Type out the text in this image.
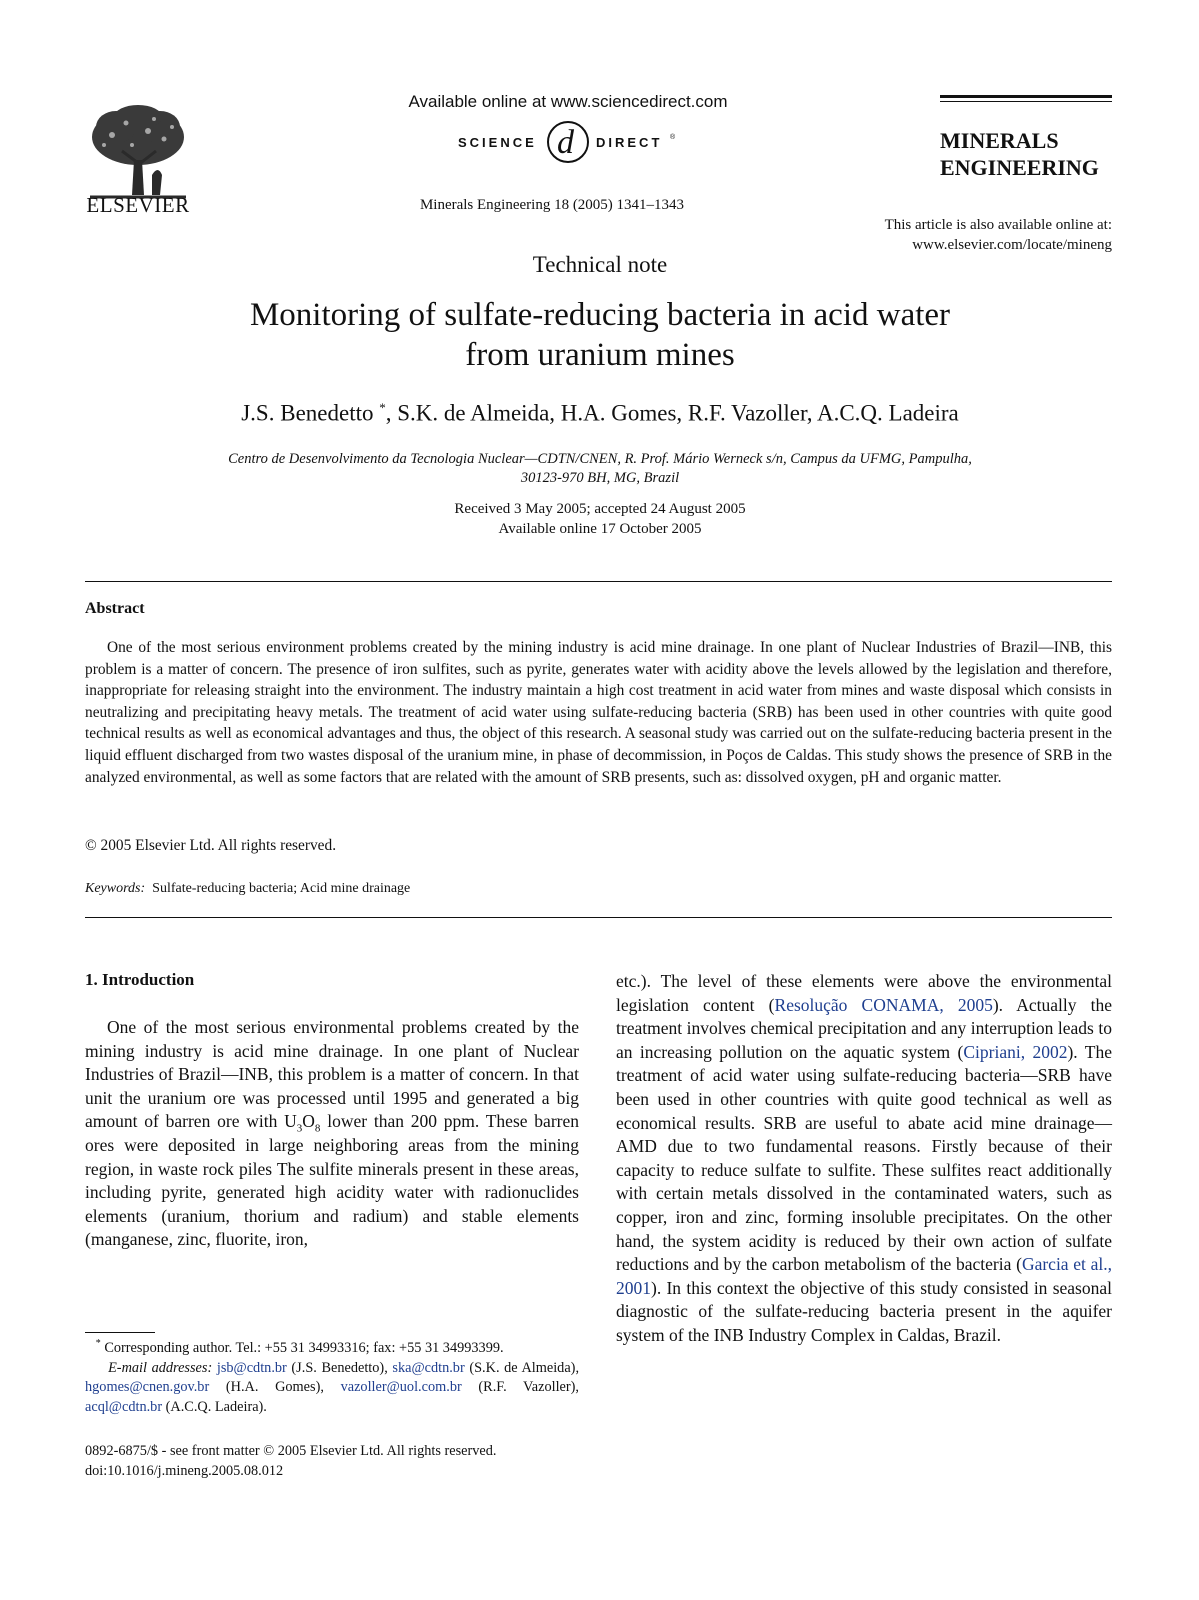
ELSEVIER
Available online at www.sciencedirect.com
SCIENCE d DIRECT ®
Minerals Engineering 18 (2005) 1341–1343
MINERALS
ENGINEERING
This article is also available online at:
www.elsevier.com/locate/mineng
Technical note
Monitoring of sulfate-reducing bacteria in acid water
from uranium mines
J.S. Benedetto *, S.K. de Almeida, H.A. Gomes, R.F. Vazoller, A.C.Q. Ladeira
Centro de Desenvolvimento da Tecnologia Nuclear—CDTN/CNEN, R. Prof. Mário Werneck s/n, Campus da UFMG, Pampulha,
30123-970 BH, MG, Brazil
Received 3 May 2005; accepted 24 August 2005
Available online 17 October 2005
Abstract

One of the most serious environment problems created by the mining industry is acid mine drainage. In one plant of Nuclear Industries of Brazil—INB, this problem is a matter of concern. The presence of iron sulfites, such as pyrite, generates water with acidity above the levels allowed by the legislation and therefore, inappropriate for releasing straight into the environment. The industry maintain a high cost treatment in acid water from mines and waste disposal which consists in neutralizing and precipitating heavy metals. The treatment of acid water using sulfate-reducing bacteria (SRB) has been used in other countries with quite good technical results as well as economical advantages and thus, the object of this research. A seasonal study was carried out on the sulfate-reducing bacteria present in the liquid effluent discharged from two wastes disposal of the uranium mine, in phase of decommission, in Poços de Caldas. This study shows the presence of SRB in the analyzed environmental, as well as some factors that are related with the amount of SRB presents, such as: dissolved oxygen, pH and organic matter.

© 2005 Elsevier Ltd. All rights reserved.
Keywords: Sulfate-reducing bacteria; Acid mine drainage
1. Introduction

One of the most serious environmental problems created by the mining industry is acid mine drainage. In one plant of Nuclear Industries of Brazil—INB, this problem is a matter of concern. In that unit the uranium ore was processed until 1995 and generated a big amount of barren ore with $U_3O_8$ lower than 200 ppm. These barren ores were deposited in large neighboring areas from the mining region, in waste rock piles The sulfite minerals present in these areas, including pyrite, generated high acidity water with radionuclides elements (uranium, thorium and radium) and stable elements (manganese, zinc, fluorite, iron,

etc.). The level of these elements were above the environmental legislation content (Resolução CONAMA, 2005). Actually the treatment involves chemical precipitation and any interruption leads to an increasing pollution on the aquatic system (Cipriani, 2002). The treatment of acid water using sulfate-reducing bacteria—SRB have been used in other countries with quite good technical as well as economical results. SRB are useful to abate acid mine drainage—AMD due to two fundamental reasons. Firstly because of their capacity to reduce sulfate to sulfite. These sulfites react additionally with certain metals dissolved in the contaminated waters, such as copper, iron and zinc, forming insoluble precipitates. On the other hand, the system acidity is reduced by their own action of sulfate reductions and by the carbon metabolism of the bacteria (Garcia et al., 2001). In this context the objective of this study consisted in seasonal diagnostic of the sulfate-reducing bacteria present in the aquifer system of the INB Industry Complex in Caldas, Brazil.

* Corresponding author. Tel.: +55 31 34993316; fax: +55 31 34993399.
E-mail addresses: jsb@cdtn.br (J.S. Benedetto), ska@cdtn.br (S.K. de Almeida), hgomes@cnen.gov.br (H.A. Gomes), vazoller@uol.com.br (R.F. Vazoller), acql@cdtn.br (A.C.Q. Ladeira).
0892-6875/$ - see front matter © 2005 Elsevier Ltd. All rights reserved.
doi:10.1016/j.mineng.2005.08.012
